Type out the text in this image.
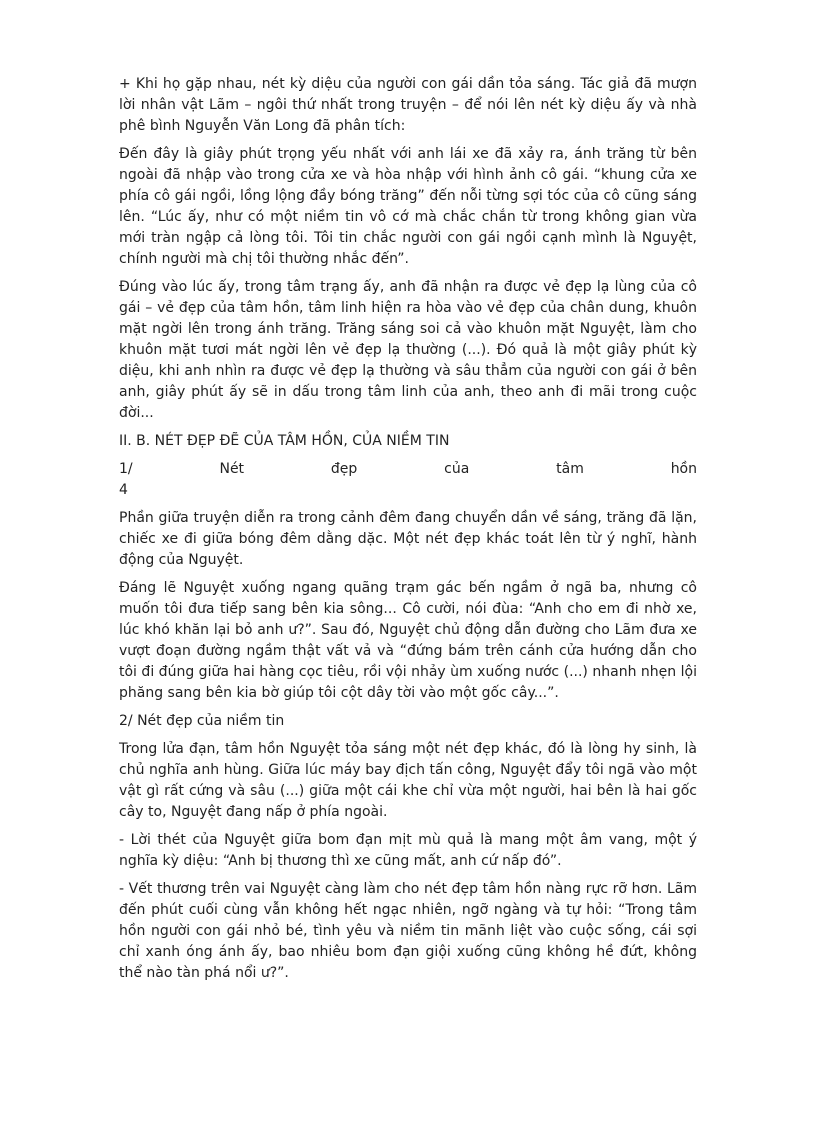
+ Khi họ gặp nhau, nét kỳ diệu của người con gái dần tỏa sáng. Tác giả đã mượn lời nhân vật Lãm – ngôi thứ nhất trong truyện – để nói lên nét kỳ diệu ấy và nhà phê bình Nguyễn Văn Long đã phân tích:

Đến đây là giây phút trọng yếu nhất với anh lái xe đã xảy ra, ánh trăng từ bên ngoài đã nhập vào trong cửa xe và hòa nhập với hình ảnh cô gái. “khung cửa xe phía cô gái ngồi, lồng lộng đầy bóng trăng” đến nỗi từng sợi tóc của cô cũng sáng lên. “Lúc ấy, như có một niềm tin vô cớ mà chắc chắn từ trong không gian vừa mới tràn ngập cả lòng tôi. Tôi tin chắc người con gái ngồi cạnh mình là Nguyệt, chính người mà chị tôi thường nhắc đến”.

Đúng vào lúc ấy, trong tâm trạng ấy, anh đã nhận ra được vẻ đẹp lạ lùng của cô gái – vẻ đẹp của tâm hồn, tâm linh hiện ra hòa vào vẻ đẹp của chân dung, khuôn mặt ngời lên trong ánh trăng. Trăng sáng soi cả vào khuôn mặt Nguyệt, làm cho khuôn mặt tươi mát ngời lên vẻ đẹp lạ thường (...). Đó quả là một giây phút kỳ diệu, khi anh nhìn ra được vẻ đẹp lạ thường và sâu thẳm của người con gái ở bên anh, giây phút ấy sẽ in dấu trong tâm linh của anh, theo anh đi mãi trong cuộc đời...

II. B. NÉT ĐẸP ĐẼ CỦA TÂM HỒN, CỦA NIỀM TIN

1/	Nét	đẹp	của	tâm	hồn

4

Phần giữa truyện diễn ra trong cảnh đêm đang chuyển dần về sáng, trăng đã lặn, chiếc xe đi giữa bóng đêm dằng dặc. Một nét đẹp khác toát lên từ ý nghĩ, hành động của Nguyệt.

Đáng lẽ Nguyệt xuống ngang quãng trạm gác bến ngầm ở ngã ba, nhưng cô muốn tôi đưa tiếp sang bên kia sông... Cô cười, nói đùa: “Anh cho em đi nhờ xe, lúc khó khăn lại bỏ anh ư?”. Sau đó, Nguyệt chủ động dẫn đường cho Lãm đưa xe vượt đoạn đường ngầm thật vất vả và “đứng bám trên cánh cửa hướng dẫn cho tôi đi đúng giữa hai hàng cọc tiêu, rồi vội nhảy ùm xuống nước (...) nhanh nhẹn lội phăng sang bên kia bờ giúp tôi cột dây tời vào một gốc cây...”.

2/ Nét đẹp của niềm tin

Trong lửa đạn, tâm hồn Nguyệt tỏa sáng một nét đẹp khác, đó là lòng hy sinh, là chủ nghĩa anh hùng. Giữa lúc máy bay địch tấn công, Nguyệt đẩy tôi ngã vào một vật gì rất cứng và sâu (...) giữa một cái khe chỉ vừa một người, hai bên là hai gốc cây to, Nguyệt đang nấp ở phía ngoài.

- Lời thét của Nguyệt giữa bom đạn mịt mù quả là mang một âm vang, một ý nghĩa kỳ diệu: “Anh bị thương thì xe cũng mất, anh cứ nấp đó”.

- Vết thương trên vai Nguyệt càng làm cho nét đẹp tâm hồn nàng rực rỡ hơn. Lãm đến phút cuối cùng vẫn không hết ngạc nhiên, ngỡ ngàng và tự hỏi: “Trong tâm hồn người con gái nhỏ bé, tình yêu và niềm tin mãnh liệt vào cuộc sống, cái sợi chỉ xanh óng ánh ấy, bao nhiêu bom đạn giội xuống cũng không hề đứt, không thể nào tàn phá nổi ư?”.
